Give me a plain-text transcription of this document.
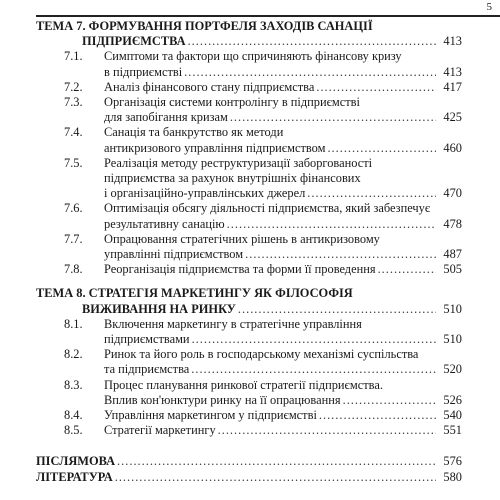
5
ТЕМА 7. ФОРМУВАННЯ ПОРТФЕЛЯ ЗАХОДІВ САНАЦІЇ
ПІДПРИЄМСТВА .....	413
7.1. Симптоми та фактори що спричиняють фінансову кризу
в підприємстві .....	413
7.2. Аналіз фінансового стану підприємства .....	417
7.3. Організація системи контролінгу в підприємстві
для запобігання кризам .....	425
7.4. Санація та банкрутство як методи
антикризового управління підприємством .....	460
7.5. Реалізація методу реструктуризації заборгованості
підприємства за рахунок внутрішніх фінансових
і організаційно-управлінських джерел .....	470
7.6. Оптимізація обсягу діяльності підприємства, який забезпечує
результативну санацію .....	478
7.7. Опрацювання стратегічних рішень в антикризовому
управлінні підприємством .....	487
7.8. Реорганізація підприємства та форми її проведення .....	505
ТЕМА 8. СТРАТЕГІЯ МАРКЕТИНГУ ЯК ФІЛОСОФІЯ
ВИЖИВАННЯ НА РИНКУ .....	510
8.1. Включення маркетингу в стратегічне управління
підприємствами .....	510
8.2. Ринок та його роль в господарському механізмі суспільства
та підприємства .....	520
8.3. Процес планування ринкової стратегії підприємства.
Вплив кон'юнктури ринку на її опрацювання .....	526
8.4. Управління маркетингом у підприємстві .....	540
8.5. Стратегії маркетингу .....	551
ПІСЛЯМОВА .....	576
ЛІТЕРАТУРА .....	580
